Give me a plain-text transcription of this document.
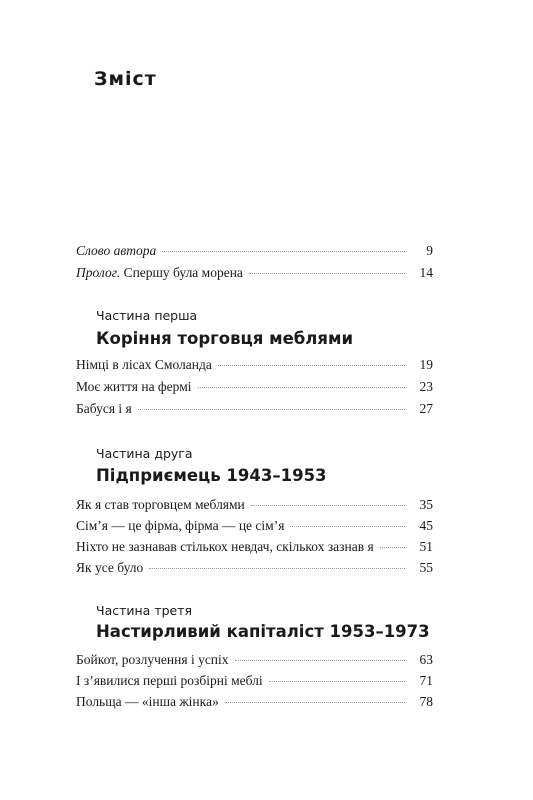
Зміст
Слово автора	9
Пролог. Спершу була морена	14
Частина перша
Коріння торговця меблями
Німці в лісах Смоланда	19
Моє життя на фермі	23
Бабуся і я	27
Частина друга
Підприємець 1943–1953
Як я став торговцем меблями	35
Сім’я — це фірма, фірма — це сім’я	45
Ніхто не зазнавав стількох невдач, скількох зазнав я	51
Як усе було	55
Частина третя
Настирливий капіталіст 1953–1973
Бойкот, розлучення і успіх	63
І з’явилися перші розбірні меблі	71
Польща — «інша жінка»	78
